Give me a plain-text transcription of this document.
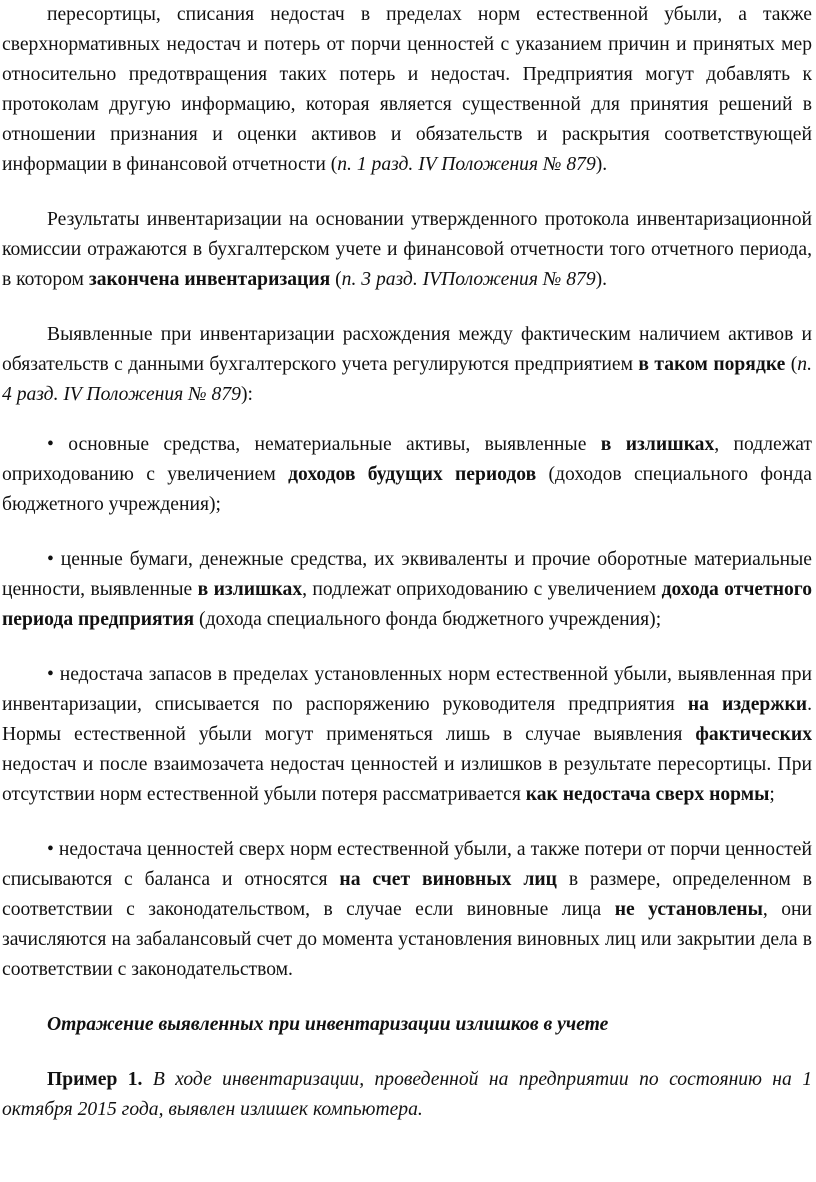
пересортицы, списания недостач в пределах норм естественной убыли, а также сверхнормативных недостач и потерь от порчи ценностей с указанием причин и принятых мер относительно предотвращения таких потерь и недостач. Предприятия могут добавлять к протоколам другую информацию, которая является существенной для принятия решений в отношении признания и оценки активов и обязательств и раскрытия соответствующей информации в финансовой отчетности (п. 1 разд. IV Положения № 879).

Результаты инвентаризации на основании утвержденного протокола инвентаризационной комиссии отражаются в бухгалтерском учете и финансовой отчетности того отчетного периода, в котором закончена инвентаризация (п. 3 разд. IVПоложения № 879).

Выявленные при инвентаризации расхождения между фактическим наличием активов и обязательств с данными бухгалтерского учета регулируются предприятием в таком порядке (п. 4 разд. IV Положения № 879):

• основные средства, нематериальные активы, выявленные в излишках, подлежат оприходованию с увеличением доходов будущих периодов (доходов специального фонда бюджетного учреждения);

• ценные бумаги, денежные средства, их эквиваленты и прочие оборотные материальные ценности, выявленные в излишках, подлежат оприходованию с увеличением дохода отчетного периода предприятия (дохода специального фонда бюджетного учреждения);

• недостача запасов в пределах установленных норм естественной убыли, выявленная при инвентаризации, списывается по распоряжению руководителя предприятия на издержки. Нормы естественной убыли могут применяться лишь в случае выявления фактических недостач и после взаимозачета недостач ценностей и излишков в результате пересортицы. При отсутствии норм естественной убыли потеря рассматривается как недостача сверх нормы;

• недостача ценностей сверх норм естественной убыли, а также потери от порчи ценностей списываются с баланса и относятся на счет виновных лиц в размере, определенном в соответствии с законодательством, в случае если виновные лица не установлены, они зачисляются на забалансовый счет до момента установления виновных лиц или закрытии дела в соответствии с законодательством.

Отражение выявленных при инвентаризации излишков в учете

Пример 1. В ходе инвентаризации, проведенной на предприятии по состоянию на 1 октября 2015 года, выявлен излишек компьютера.
